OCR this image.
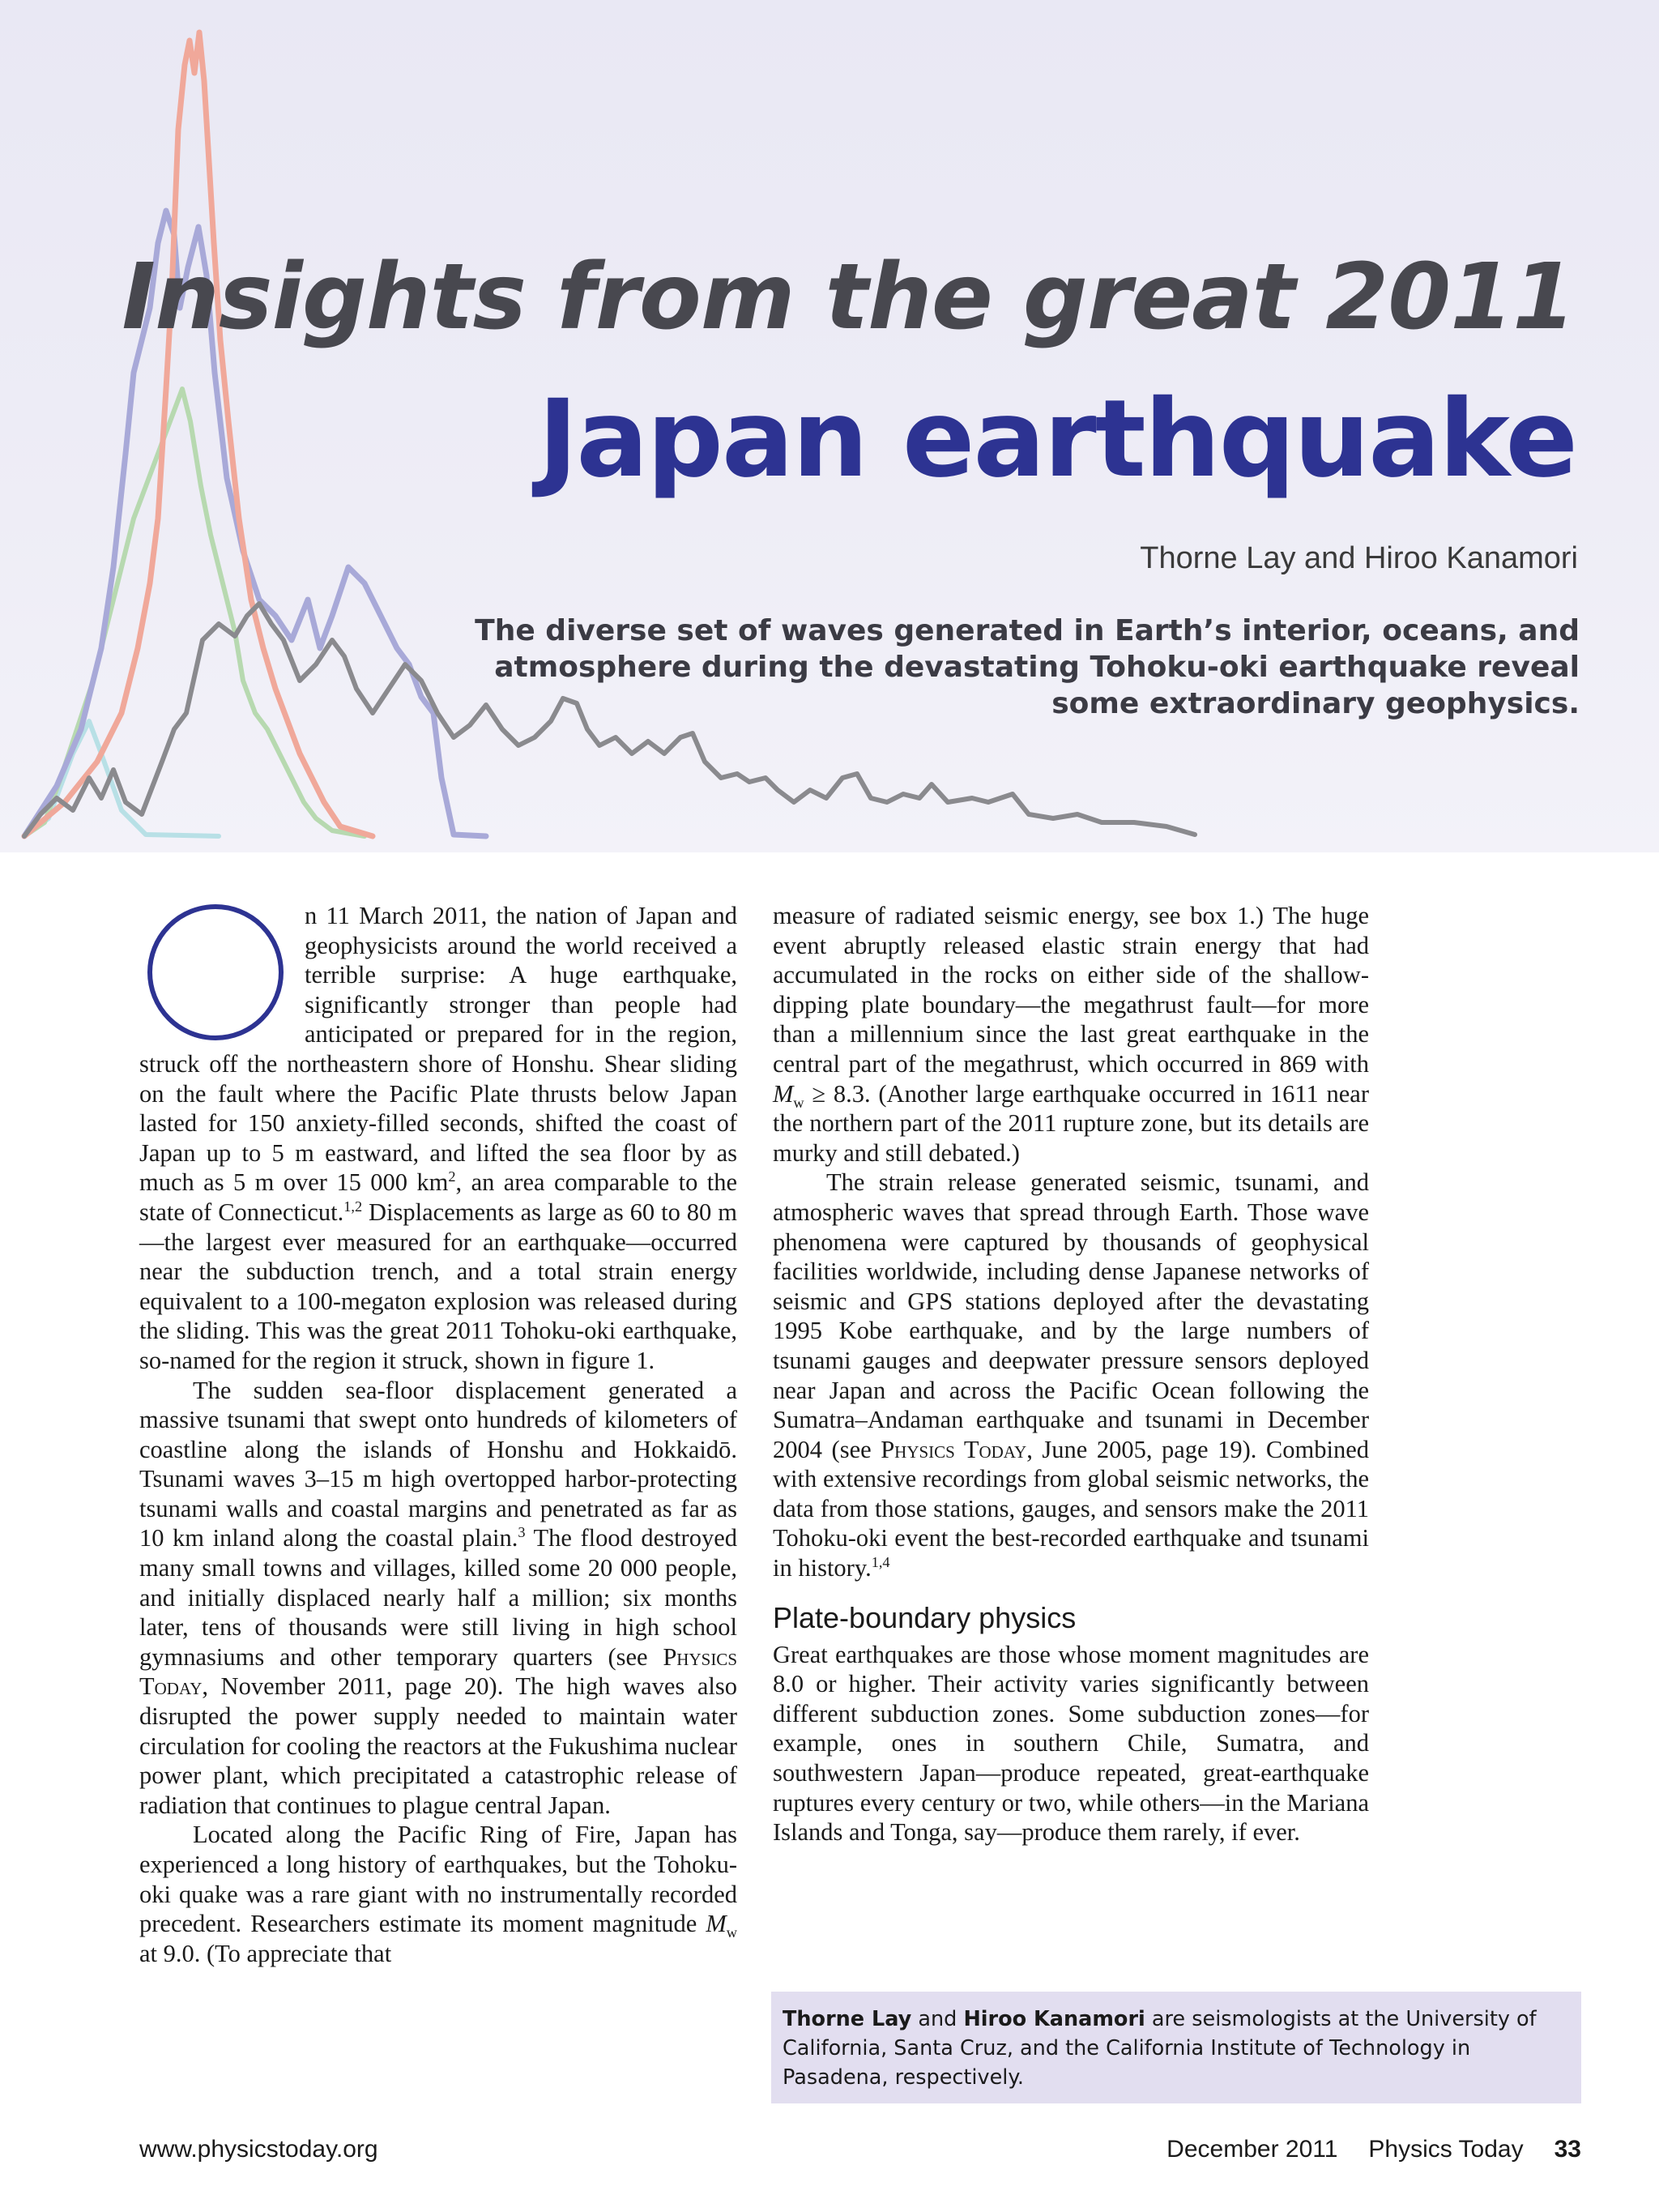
Insights from the great 2011
Japan earthquake
Thorne Lay and Hiroo Kanamori
The diverse set of waves generated in Earth’s interior, oceans, and atmosphere during the devastating Tohoku-oki earthquake reveal some extraordinary geophysics.

n 11 March 2011, the nation of Japan and geophysicists around the world received a terrible surprise: A huge earthquake, significantly stronger than people had anticipated or prepared for in the region, struck off the northeastern shore of Honshu. Shear sliding on the fault where the Pacific Plate thrusts below Japan lasted for 150 anxiety-filled seconds, shifted the coast of Japan up to 5 m eastward, and lifted the sea floor by as much as 5 m over 15 000 $km^2$, an area comparable to the state of Connecticut.$^{1,2}$ Displacements as large as 60 to 80 m—the largest ever measured for an earthquake—occurred near the subduction trench, and a total strain energy equivalent to a 100-megaton explosion was released during the sliding. This was the great 2011 Tohoku-oki earthquake, so-named for the region it struck, shown in figure 1.

The sudden sea-floor displacement generated a massive tsunami that swept onto hundreds of kilometers of coastline along the islands of Honshu and Hokkaidō. Tsunami waves 3–15 m high overtopped harbor-protecting tsunami walls and coastal margins and penetrated as far as 10 km inland along the coastal plain.$^3$ The flood destroyed many small towns and villages, killed some 20 000 people, and initially displaced nearly half a million; six months later, tens of thousands were still living in high school gymnasiums and other temporary quarters (see Physics Today, November 2011, page 20). The high waves also disrupted the power supply needed to maintain water circulation for cooling the reactors at the Fukushima nuclear power plant, which precipitated a catastrophic release of radiation that continues to plague central Japan.

Located along the Pacific Ring of Fire, Japan has experienced a long history of earthquakes, but the Tohoku-oki quake was a rare giant with no instrumentally recorded precedent. Researchers estimate its moment magnitude $M_w$ at 9.0. (To appreciate that

measure of radiated seismic energy, see box 1.) The huge event abruptly released elastic strain energy that had accumulated in the rocks on either side of the shallow-dipping plate boundary—the megathrust fault—for more than a millennium since the last great earthquake in the central part of the megathrust, which occurred in 869 with $M_w \ge 8.3$. (Another large earthquake occurred in 1611 near the northern part of the 2011 rupture zone, but its details are murky and still debated.)

The strain release generated seismic, tsunami, and atmospheric waves that spread through Earth. Those wave phenomena were captured by thousands of geophysical facilities worldwide, including dense Japanese networks of seismic and GPS stations deployed after the devastating 1995 Kobe earthquake, and by the large numbers of tsunami gauges and deepwater pressure sensors deployed near Japan and across the Pacific Ocean following the Sumatra–Andaman earthquake and tsunami in December 2004 (see Physics Today, June 2005, page 19). Combined with extensive recordings from global seismic networks, the data from those stations, gauges, and sensors make the 2011 Tohoku-oki event the best-recorded earthquake and tsunami in history.$^{1,4}$

Plate-boundary physics

Great earthquakes are those whose moment magnitudes are 8.0 or higher. Their activity varies significantly between different subduction zones. Some subduction zones—for example, ones in southern Chile, Sumatra, and southwestern Japan—produce repeated, great-earthquake ruptures every century or two, while others—in the Mariana Islands and Tonga, say—produce them rarely, if ever.

Thorne Lay and Hiroo Kanamori are seismologists at the University of California, Santa Cruz, and the California Institute of Technology in Pasadena, respectively.
www.physicstoday.org	December 2011 Physics Today 33
